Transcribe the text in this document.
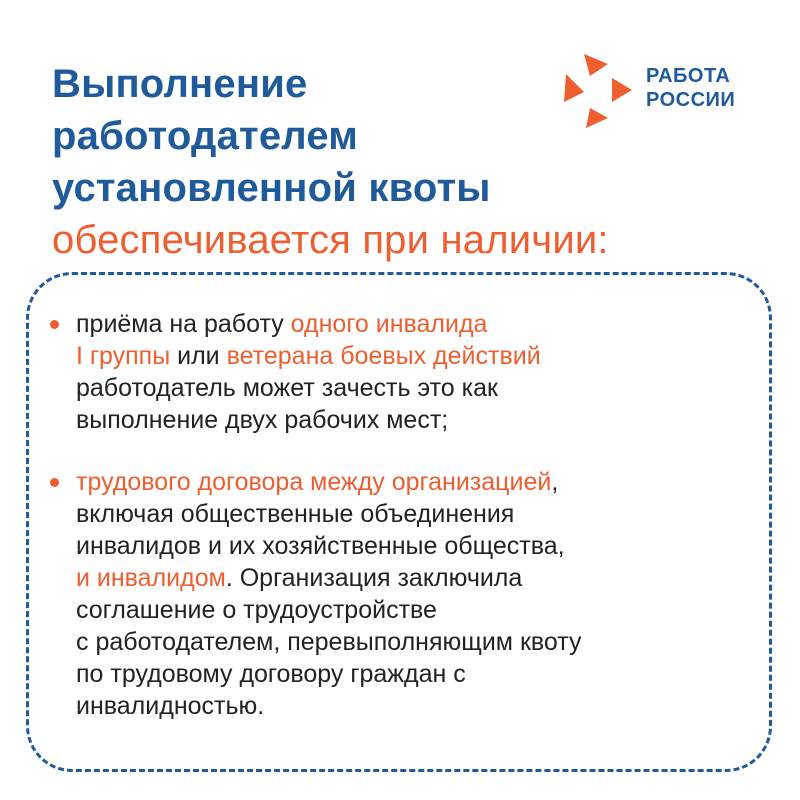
Выполнение
работодателем
установленной квоты
обеспечивается при наличии:
РАБОТА
РОССИИ
приёма на работу одного инвалида
I группы или ветерана боевых действий
работодатель может зачесть это как
выполнение двух рабочих мест;
трудового договора между организацией,
включая общественные объединения
инвалидов и их хозяйственные общества,
и инвалидом. Организация заключила
соглашение о трудоустройстве
с работодателем, перевыполняющим квоту
по трудовому договору граждан с
инвалидностью.
